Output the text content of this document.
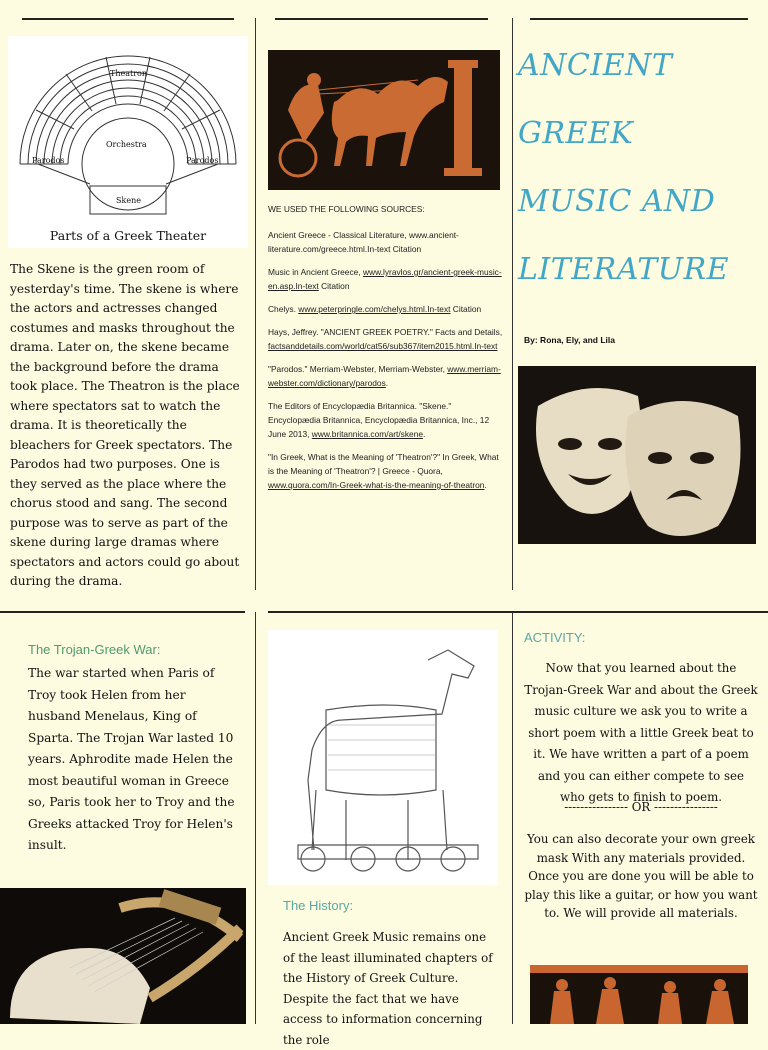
Theatron
Orchestra
Parodos	Parodos
Skene
Parts of a Greek Theater

The Skene is the green room of yesterday's time. The skene is where the actors and actresses changed costumes and masks throughout the drama. Later on, the skene became the background before the drama took place. The Theatron is the place where spectators sat to watch the drama. It is theoretically the bleachers for Greek spectators. The Parodos had two purposes. One is they served as the place where the chorus stood and sang. The second purpose was to serve as part of the skene during large dramas where spectators and actors could go about during the drama.

WE USED THE FOLLOWING SOURCES:

Ancient Greece - Classical Literature, www.ancient-literature.com/greece.html.In-text Citation

Music in Ancient Greece, www.lyravlos.gr/ancient-greek-music-en.asp.In-text Citation

Chelys. www.peterpringle.com/chelys.html.In-text Citation

Hays, Jeffrey. "ANCIENT GREEK POETRY." Facts and Details, factsanddetails.com/world/cat56/sub367/item2015.html.In-text

"Parodos." Merriam-Webster, Merriam-Webster, www.merriam-webster.com/dictionary/parodos.

The Editors of Encyclopædia Britannica. "Skene." Encyclopædia Britannica, Encyclopædia Britannica, Inc., 12 June 2013, www.britannica.com/art/skene.

"In Greek, What is the Meaning of 'Theatron'?" In Greek, What is the Meaning of 'Theatron'? | Greece - Quora, www.quora.com/In-Greek-what-is-the-meaning-of-theatron.

ANCIENT
GREEK
MUSIC AND
LITERATURE
By: Rona, Ely, and Lila
The Trojan-Greek War:

The war started when Paris of Troy took Helen from her husband Menelaus, King of Sparta. The Trojan War lasted 10 years. Aphrodite made Helen the most beautiful woman in Greece so, Paris took her to Troy and the Greeks attacked Troy for Helen's insult.

The History:

Ancient Greek Music remains one of the least illuminated chapters of the History of Greek Culture. Despite the fact that we have access to information concerning the role

ACTIVITY:

Now that you learned about the Trojan-Greek War and about the Greek music culture we ask you to write a short poem with a little Greek beat to it. We have written a part of a poem and you can either compete to see who gets to finish to poem.

---------------- OR ----------------

You can also decorate your own greek mask With any materials provided. Once you are done you will be able to play this like a guitar, or how you want to. We will provide all materials.
